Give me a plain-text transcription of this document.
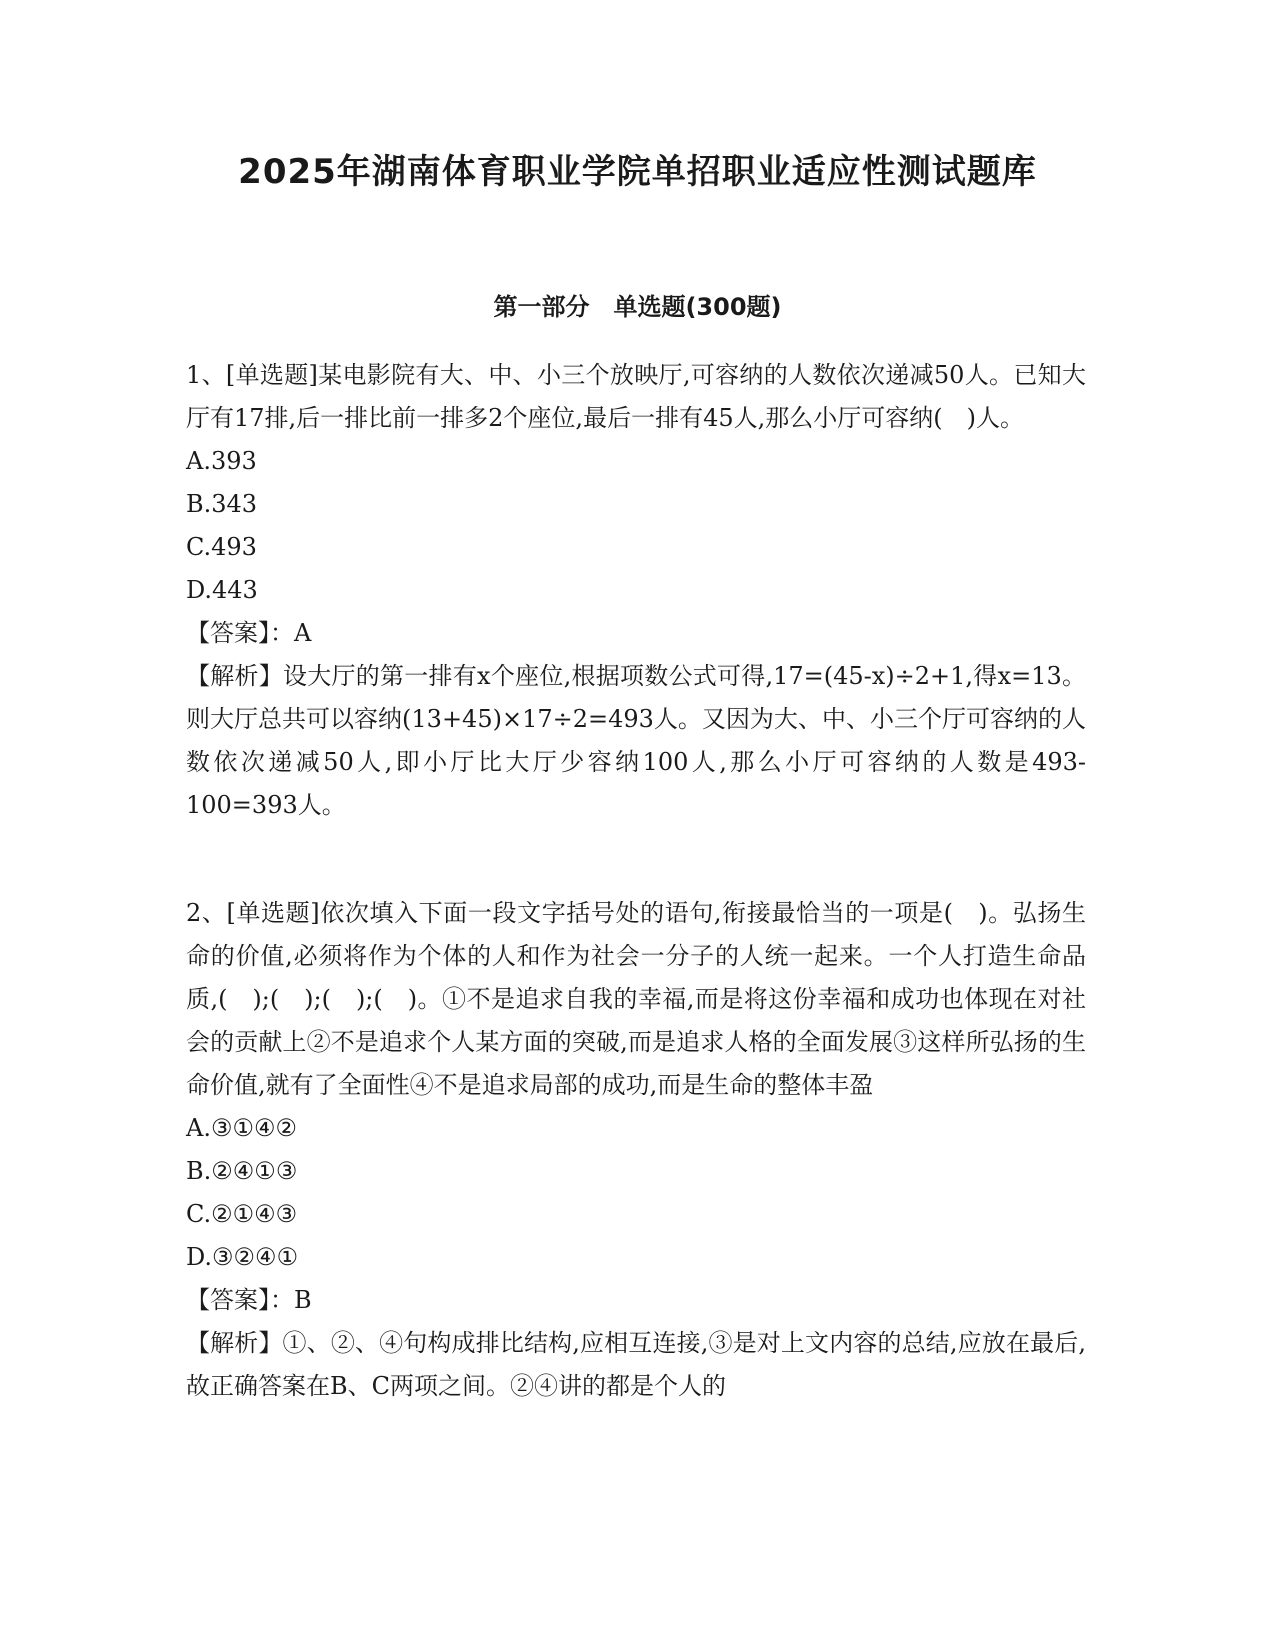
2025年湖南体育职业学院单招职业适应性测试题库
第一部分　单选题(300题)

1、[单选题]某电影院有大、中、小三个放映厅,可容纳的人数依次递减50人。已知大厅有17排,后一排比前一排多2个座位,最后一排有45人,那么小厅可容纳(　)人。

A.393

B.343

C.493

D.443

【答案】：A

【解析】设大厅的第一排有x个座位,根据项数公式可得,17=(45-x)÷2+1,得x=13。则大厅总共可以容纳(13+45)×17÷2=493人。又因为大、中、小三个厅可容纳的人数依次递减50人,即小厅比大厅少容纳100人,那么小厅可容纳的人数是493-100=393人。

2、[单选题]依次填入下面一段文字括号处的语句,衔接最恰当的一项是(　)。弘扬生命的价值,必须将作为个体的人和作为社会一分子的人统一起来。一个人打造生命品质,(　);(　);(　);(　)。①不是追求自我的幸福,而是将这份幸福和成功也体现在对社会的贡献上②不是追求个人某方面的突破,而是追求人格的全面发展③这样所弘扬的生命价值,就有了全面性④不是追求局部的成功,而是生命的整体丰盈

A.③①④②

B.②④①③

C.②①④③

D.③②④①

【答案】：B

【解析】①、②、④句构成排比结构,应相互连接,③是对上文内容的总结,应放在最后,故正确答案在B、C两项之间。②④讲的都是个人的
